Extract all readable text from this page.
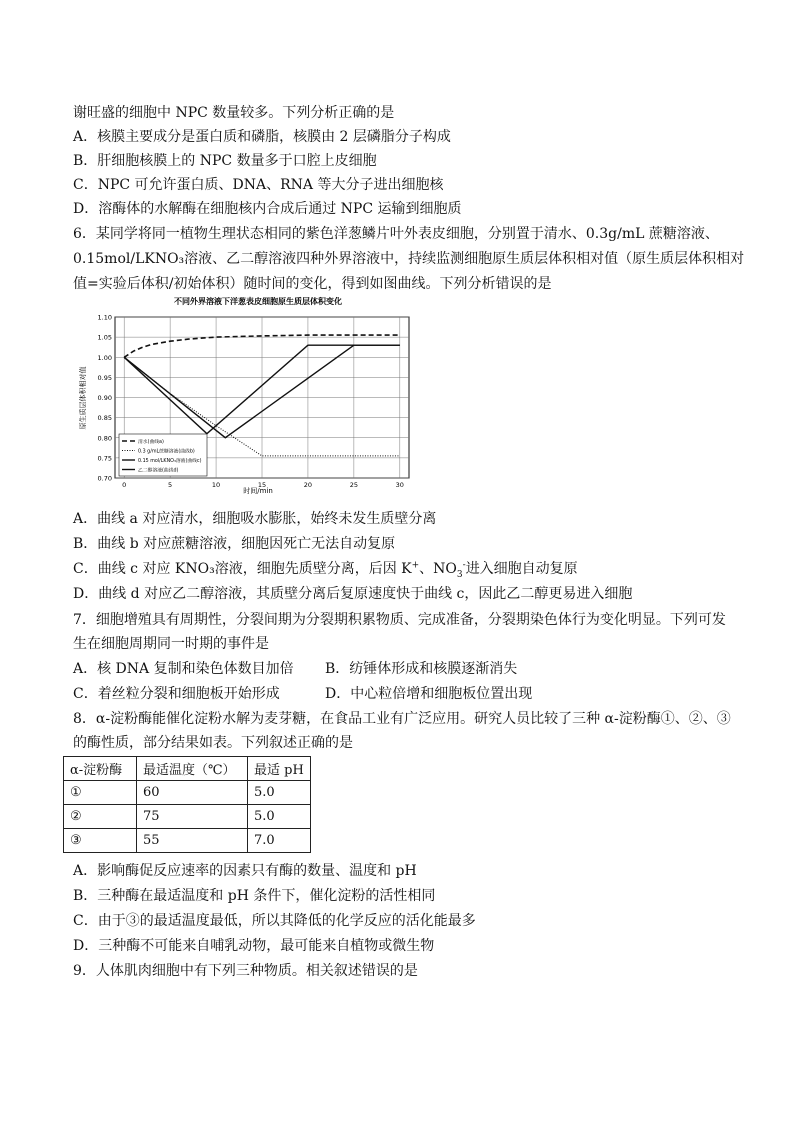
谢旺盛的细胞中 NPC 数量较多。下列分析正确的是
A．核膜主要成分是蛋白质和磷脂，核膜由 2 层磷脂分子构成
B．肝细胞核膜上的 NPC 数量多于口腔上皮细胞
C．NPC 可允许蛋白质、DNA、RNA 等大分子进出细胞核
D．溶酶体的水解酶在细胞核内合成后通过 NPC 运输到细胞质
6．某同学将同一植物生理状态相同的紫色洋葱鳞片叶外表皮细胞，分别置于清水、0.3g/mL 蔗糖溶液、
0.15mol/LKNO₃溶液、乙二醇溶液四种外界溶液中，持续监测细胞原生质层体积相对值（原生质层体积相对
值=实验后体积/初始体积）随时间的变化，得到如图曲线。下列分析错误的是
不同外界溶液下洋葱表皮细胞原生质层体积变化
0.70
0.75
0.80
0.85
0.90
0.95
1.00
1.05
1.10
0	5	10	15	20	25	30
清水(曲线a)
0.3 g/mL蔗糖溶液(曲线b)
0.15 mol/LKNO₃溶液(曲线c)
乙二醇溶液(曲线d)
原生质层体积相对值
时间/min
A．曲线 a 对应清水，细胞吸水膨胀，始终未发生质壁分离
B．曲线 b 对应蔗糖溶液，细胞因死亡无法自动复原
C．曲线 c 对应 KNO₃溶液，细胞先质壁分离，后因 K+、$NO_3^-$进入细胞自动复原
D．曲线 d 对应乙二醇溶液，其质壁分离后复原速度快于曲线 c，因此乙二醇更易进入细胞
7．细胞增殖具有周期性，分裂间期为分裂期积累物质、完成准备，分裂期染色体行为变化明显。下列可发
生在细胞周期同一时期的事件是
A．核 DNA 复制和染色体数目加倍 B．纺锤体形成和核膜逐渐消失
C．着丝粒分裂和细胞板开始形成	D．中心粒倍增和细胞板位置出现
8．α-淀粉酶能催化淀粉水解为麦芽糖，在食品工业有广泛应用。研究人员比较了三种 α-淀粉酶①、②、③
的酶性质，部分结果如表。下列叙述正确的是
α-淀粉酶	最适温度（℃）	最适 pH
①	60	5.0
②	75	5.0
③	55	7.0
A．影响酶促反应速率的因素只有酶的数量、温度和 pH
B．三种酶在最适温度和 pH 条件下，催化淀粉的活性相同
C．由于③的最适温度最低，所以其降低的化学反应的活化能最多
D．三种酶不可能来自哺乳动物，最可能来自植物或微生物
9．人体肌肉细胞中有下列三种物质。相关叙述错误的是
